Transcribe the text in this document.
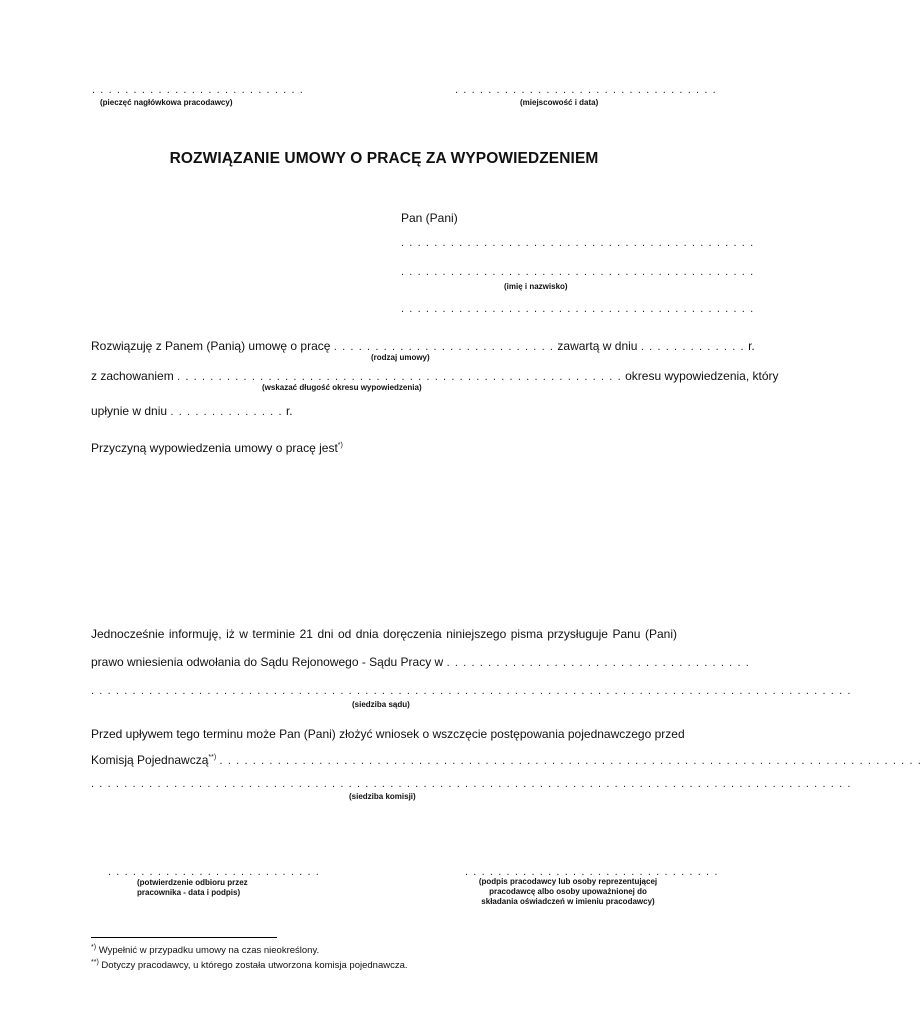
. . . . . . . . . . . . . . . . . . . . . . . . . .
(pieczęć nagłówkowa pracodawcy)
. . . . . . . . . . . . . . . . . . . . . . . . . . . . . . . .
(miejscowość i data)
ROZWIĄZANIE UMOWY O PRACĘ ZA WYPOWIEDZENIEM
Pan (Pani)
. . . . . . . . . . . . . . . . . . . . . . . . . . . . . . . . . . . . . . . . . . .
. . . . . . . . . . . . . . . . . . . . . . . . . . . . . . . . . . . . . . . . . . .
(imię i nazwisko)
. . . . . . . . . . . . . . . . . . . . . . . . . . . . . . . . . . . . . . . . . . .
Rozwiązuję z Panem (Panią) umowę o pracę . . . . . . . . . . . . . . . . . . . . . . . . . . . zawartą w dniu . . . . . . . . . . . . . r.
(rodzaj umowy)
z zachowaniem . . . . . . . . . . . . . . . . . . . . . . . . . . . . . . . . . . . . . . . . . . . . . . . . . . . . . . okresu wypowiedzenia, który
(wskazać długość okresu wypowiedzenia)
upłynie w dniu . . . . . . . . . . . . . . r.
Przyczyną wypowiedzenia umowy o pracę jest*)
Jednocześnie informuję, iż w terminie 21 dni od dnia doręczenia niniejszego pisma przysługuje Panu (Pani)
prawo wniesienia odwołania do Sądu Rejonowego - Sądu Pracy w . . . . . . . . . . . . . . . . . . . . . . . . . . . . . . . . . . . . .
. . . . . . . . . . . . . . . . . . . . . . . . . . . . . . . . . . . . . . . . . . . . . . . . . . . . . . . . . . . . . . . . . . . . . . . . . . . . . . . . . . . . . . . . . . . .
(siedziba sądu)
Przed upływem tego terminu może Pan (Pani) złożyć wniosek o wszczęcie postępowania pojednawczego przed
Komisją Pojednawczą**) . . . . . . . . . . . . . . . . . . . . . . . . . . . . . . . . . . . . . . . . . . . . . . . . . . . . . . . . . . . . . . . . . . . . . . . . . . . . . . . . . . . . .
. . . . . . . . . . . . . . . . . . . . . . . . . . . . . . . . . . . . . . . . . . . . . . . . . . . . . . . . . . . . . . . . . . . . . . . . . . . . . . . . . . . . . . . . . . . .
(siedziba komisji)
. . . . . . . . . . . . . . . . . . . . . . . . . .
(potwierdzenie odbioru przez
pracownika - data i podpis)
. . . . . . . . . . . . . . . . . . . . . . . . . . . . . . .
(podpis pracodawcy lub osoby reprezentującej
pracodawcę albo osoby upoważnionej do
składania oświadczeń w imieniu pracodawcy)
*) Wypełnić w przypadku umowy na czas nieokreślony.
**) Dotyczy pracodawcy, u którego została utworzona komisja pojednawcza.
